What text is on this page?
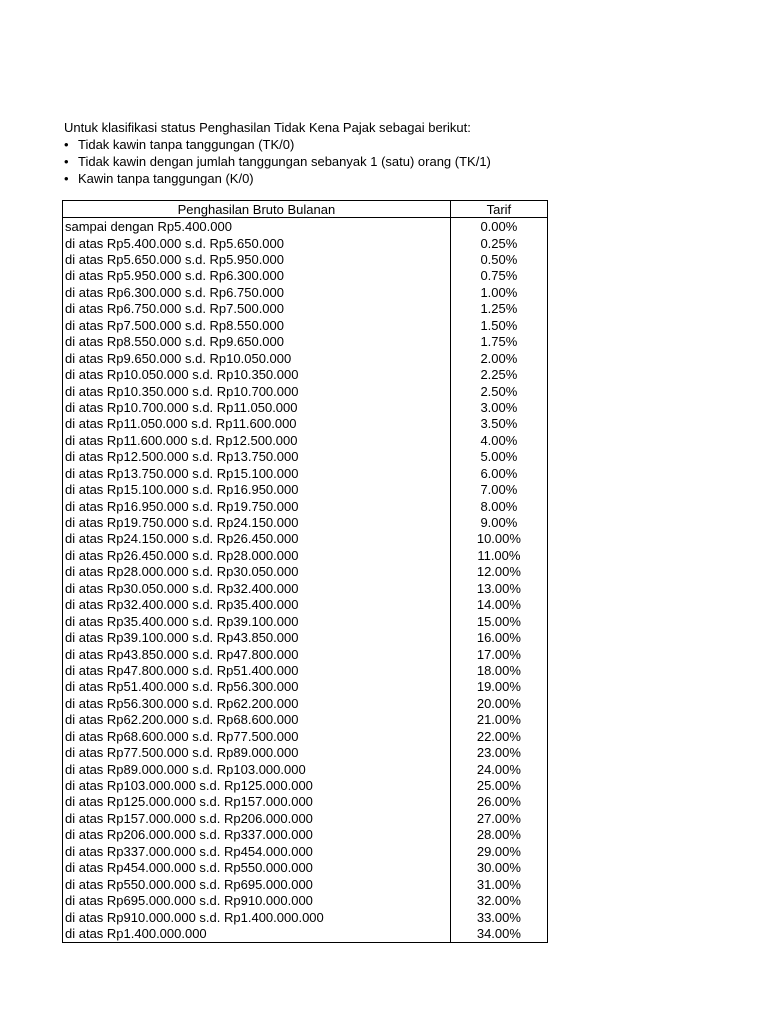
Untuk klasifikasi status Penghasilan Tidak Kena Pajak sebagai berikut:
• Tidak kawin tanpa tanggungan (TK/0)
• Tidak kawin dengan jumlah tanggungan sebanyak 1 (satu) orang (TK/1)
• Kawin tanpa tanggungan (K/0)
Penghasilan Bruto Bulanan	Tarif
sampai dengan Rp5.400.000	0.00%
di atas Rp5.400.000 s.d. Rp5.650.000	0.25%
di atas Rp5.650.000 s.d. Rp5.950.000	0.50%
di atas Rp5.950.000 s.d. Rp6.300.000	0.75%
di atas Rp6.300.000 s.d. Rp6.750.000	1.00%
di atas Rp6.750.000 s.d. Rp7.500.000	1.25%
di atas Rp7.500.000 s.d. Rp8.550.000	1.50%
di atas Rp8.550.000 s.d. Rp9.650.000	1.75%
di atas Rp9.650.000 s.d. Rp10.050.000	2.00%
di atas Rp10.050.000 s.d. Rp10.350.000	2.25%
di atas Rp10.350.000 s.d. Rp10.700.000	2.50%
di atas Rp10.700.000 s.d. Rp11.050.000	3.00%
di atas Rp11.050.000 s.d. Rp11.600.000	3.50%
di atas Rp11.600.000 s.d. Rp12.500.000	4.00%
di atas Rp12.500.000 s.d. Rp13.750.000	5.00%
di atas Rp13.750.000 s.d. Rp15.100.000	6.00%
di atas Rp15.100.000 s.d. Rp16.950.000	7.00%
di atas Rp16.950.000 s.d. Rp19.750.000	8.00%
di atas Rp19.750.000 s.d. Rp24.150.000	9.00%
di atas Rp24.150.000 s.d. Rp26.450.000	10.00%
di atas Rp26.450.000 s.d. Rp28.000.000	11.00%
di atas Rp28.000.000 s.d. Rp30.050.000	12.00%
di atas Rp30.050.000 s.d. Rp32.400.000	13.00%
di atas Rp32.400.000 s.d. Rp35.400.000	14.00%
di atas Rp35.400.000 s.d. Rp39.100.000	15.00%
di atas Rp39.100.000 s.d. Rp43.850.000	16.00%
di atas Rp43.850.000 s.d. Rp47.800.000	17.00%
di atas Rp47.800.000 s.d. Rp51.400.000	18.00%
di atas Rp51.400.000 s.d. Rp56.300.000	19.00%
di atas Rp56.300.000 s.d. Rp62.200.000	20.00%
di atas Rp62.200.000 s.d. Rp68.600.000	21.00%
di atas Rp68.600.000 s.d. Rp77.500.000	22.00%
di atas Rp77.500.000 s.d. Rp89.000.000	23.00%
di atas Rp89.000.000 s.d. Rp103.000.000	24.00%
di atas Rp103.000.000 s.d. Rp125.000.000	25.00%
di atas Rp125.000.000 s.d. Rp157.000.000	26.00%
di atas Rp157.000.000 s.d. Rp206.000.000	27.00%
di atas Rp206.000.000 s.d. Rp337.000.000	28.00%
di atas Rp337.000.000 s.d. Rp454.000.000	29.00%
di atas Rp454.000.000 s.d. Rp550.000.000	30.00%
di atas Rp550.000.000 s.d. Rp695.000.000	31.00%
di atas Rp695.000.000 s.d. Rp910.000.000	32.00%
di atas Rp910.000.000 s.d. Rp1.400.000.000	33.00%
di atas Rp1.400.000.000	34.00%
